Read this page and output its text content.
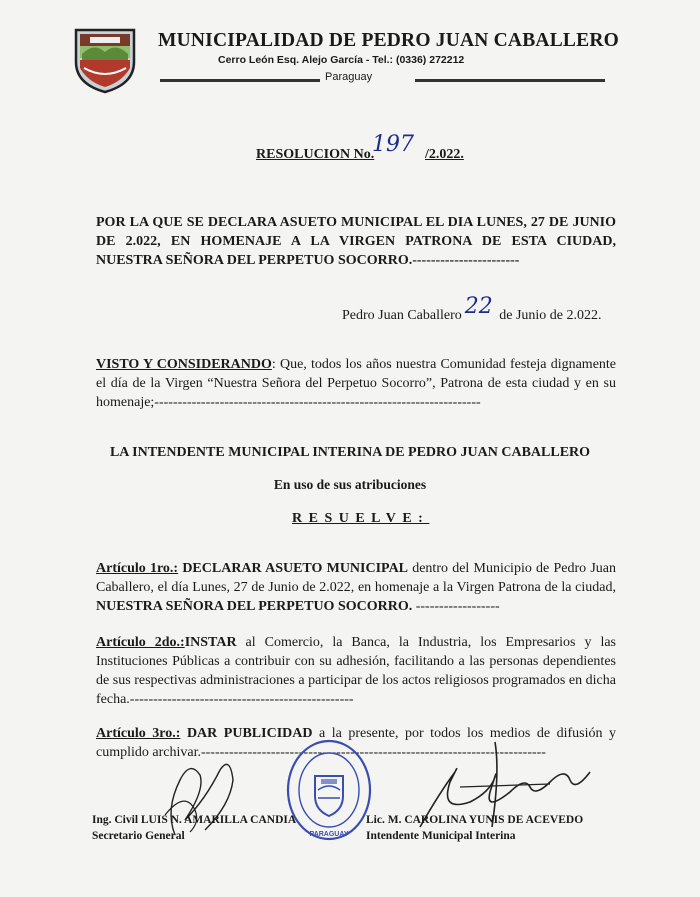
MUNICIPALIDAD DE PEDRO JUAN CABALLERO
Cerro León Esq. Alejo García - Tel.: (0336) 272212
Paraguay
RESOLUCION No.
197 /2.022.
POR LA QUE SE DECLARA ASUETO MUNICIPAL EL DIA LUNES, 27 DE JUNIO DE 2.022, EN HOMENAJE A LA VIRGEN PATRONA DE ESTA CIUDAD, NUESTRA SEÑORA DEL PERPETUO SOCORRO.-----------------------
Pedro Juan Caballero 22 de Junio de 2.022.
VISTO Y CONSIDERANDO: Que, todos los años nuestra Comunidad festeja dignamente el día de la Virgen “Nuestra Señora del Perpetuo Socorro”, Patrona de esta ciudad y en su homenaje;----------------------------------------------------------------------
LA INTENDENTE MUNICIPAL INTERINA DE PEDRO JUAN CABALLERO
En uso de sus atribuciones
RESUELVE:
Artículo 1ro.: DECLARAR ASUETO MUNICIPAL dentro del Municipio de Pedro Juan Caballero, el día Lunes, 27 de Junio de 2.022, en homenaje a la Virgen Patrona de la ciudad, NUESTRA SEÑORA DEL PERPETUO SOCORRO. ------------------
Artículo 2do.:INSTAR al Comercio, la Banca, la Industria, los Empresarios y las Instituciones Públicas a contribuir con su adhesión, facilitando a las personas dependientes de sus respectivas administraciones a participar de los actos religiosos programados en dicha fecha.------------------------------------------------
Artículo 3ro.: DAR PUBLICIDAD a la presente, por todos los medios de difusión y cumplido archivar.--------------------------------------------------------------------------
PARAGUAY
Ing. Civil LUIS N. AMARILLA CANDIA
Secretario General
Lic. M. CAROLINA YUNIS DE ACEVEDO
Intendente Municipal Interina
